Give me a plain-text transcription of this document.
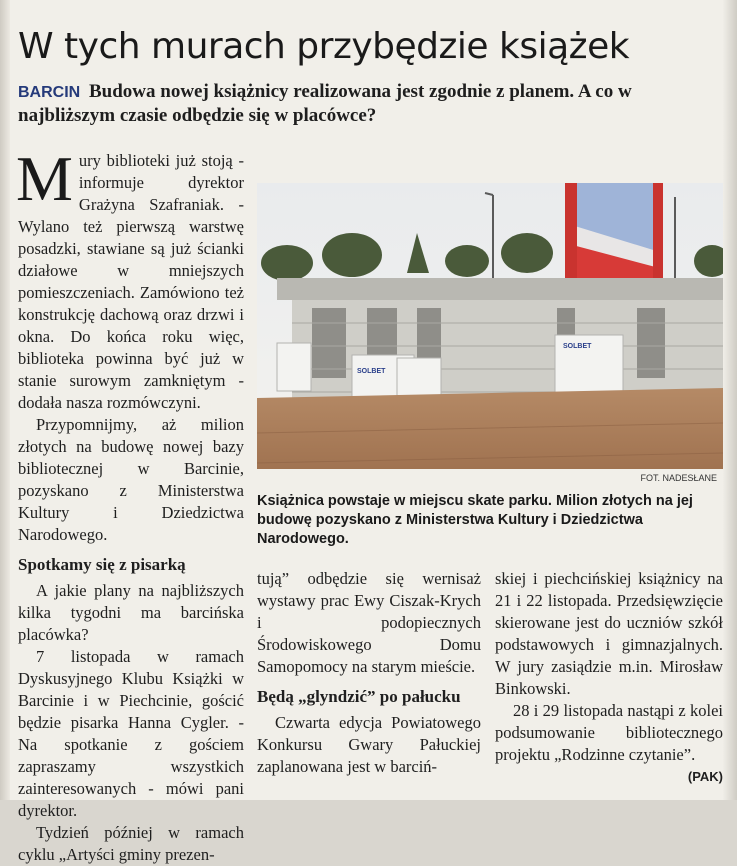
W tych murach przybędzie książek
BARCIN Budowa nowej książnicy realizowana jest zgodnie z planem. A co w najbliższym czasie odbędzie się w placówce?

Mury biblioteki już stoją - informuje dyrektor Grażyna Szafraniak. - Wylano też pierwszą warstwę posadzki, stawiane są już ścianki działowe w mniejszych pomieszczeniach. Zamówiono też konstrukcję dachową oraz drzwi i okna. Do końca roku więc, biblioteka powinna być już w stanie surowym zamkniętym - dodała nasza rozmówczyni.

Przypomnijmy, aż milion złotych na budowę nowej bazy bibliotecznej w Barcinie, pozyskano z Ministerstwa Kultury i Dziedzictwa Narodowego.

Spotkamy się z pisarką

A jakie plany na najbliższych kilka tygodni ma barcińska placówka?

7 listopada w ramach Dyskusyjnego Klubu Książki w Barcinie i w Piechcinie, gościć będzie pisarka Hanna Cygler. - Na spotkanie z gościem zapraszamy wszystkich zainteresowanych - mówi pani dyrektor.

Tydzień później w ramach cyklu „Artyści gminy prezen-

SOLBET
SOLBET
FOT. NADESŁANE
Książnica powstaje w miejscu skate parku. Milion złotych na jej budowę pozyskano z Ministerstwa Kultury i Dziedzictwa Narodowego.

tują” odbędzie się wernisaż wystawy prac Ewy Ciszak-Krych i podopiecznych Środowiskowego Domu Samopomocy na starym mieście.

Będą „glyndzić” po pałucku

Czwarta edycja Powiatowego Konkursu Gwary Pałuckiej zaplanowana jest w barciń-

skiej i piechcińskiej książnicy na 21 i 22 listopada. Przedsięwzięcie skierowane jest do uczniów szkół podstawowych i gimnazjalnych. W jury zasiądzie m.in. Mirosław Binkowski.

28 i 29 listopada nastąpi z kolei podsumowanie bibliotecznego projektu „Rodzinne czytanie”.
(PAK)
